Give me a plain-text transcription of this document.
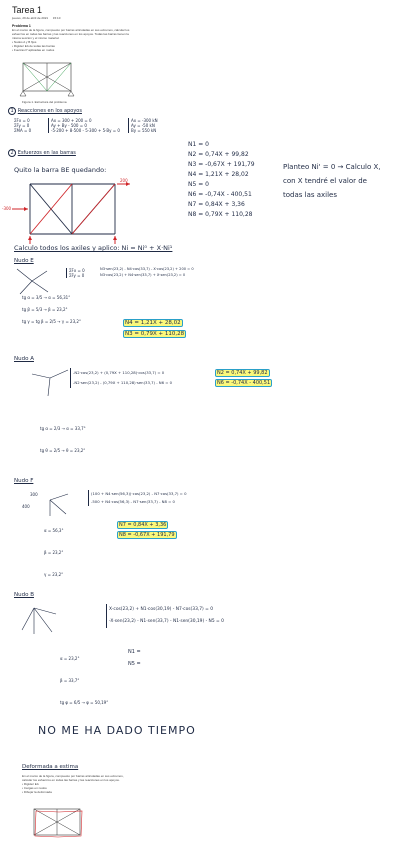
Tarea 1
jueves, 29 de abril de 2021 15:10
Problema 1
En el marco de la figura, compuesto por barras articuladas en sus extremos, calcular los esfuerzos en todas las barras y las reacciones en los apoyos. Todas las barras tienen la misma seccion y el mismo material.
• Nudos A y B fijos
• Rigidez EA de todas las barras
• Fuerzas P aplicadas en nudos
Figura 1. Estructura del problema
1 Reacciones en los apoyos
ΣFx = 0
ΣFy = 0
ΣMA = 0
Ax = 300 + 200 = 0
Ay + By - 500 = 0
-5·200 + 8·500 - 5·300 + 5·By = 0
Ax = -300 kN
Ay = -50 kN
By = 550 kN
2 Esfuerzos en las barras
Quito la barra BE quedando:
-300
200
N1 = 0
N2 = 0,74X + 99,82
N3 = -0,67X + 191,79
N4 = 1,21X + 28,02
N5 = 0
N6 = -0,74X - 400,51
N7 = 0,84X + 3,36
N8 = 0,79X + 110,28
Planteo Ni' = 0 → Calculo X,
con X tendré el valor de
todas las axiles
Calculo todos los axiles y aplico: Ni = Ni⁰ + X·Ni¹
Nudo E
ΣFx = 0
ΣFy = 0
N3·sen(23,2) - N4·cos(33,7) - X·cos(23,2) + 200 = 0
N3·cos(23,2) + N4·sen(33,7) + X·sen(23,2) = 0
tg α = 3/5 → α = 56,31°
tg β = 5/3 → β = 23,2°
tg γ = tg β = 2/5 → γ = 23,2°	N4 = 1,21X + 28,02
N3 = 0,79X + 110,28
Nudo A
-N2·cos(23,2) + (0,79X + 110,28)·cos(33,7) = 0
-N2·sen(23,2) - (0,79X + 110,28)·sen(33,7) - N6 = 0
N2 = 0,74X + 99,82
N6 = -0,74X - 400,51
tg α = 2/3 → α = 33,7°
tg θ = 2/5 → θ = 23,2°
Nudo F
300
400
(100 + N4·sen(56,3))·cos(23,2) - N7·cos(33,7) = 0
-500 + N4·cos(56,3) - N7·sen(33,7) - N8 = 0
N7 = 0,84X + 3,36
N8 = -0,67X + 191,79
α = 56,3°
β = 23,2°
γ = 23,2°
Nudo B
X·cos(23,2) + N1·cos(30,19) - N7·cos(33,7) = 0
-X·sen(23,2) - N1·sen(33,7) - N1·sen(30,19) - N5 = 0
α = 23,2°
β = 33,7°
tg φ = 6/5 → φ = 50,19°
N1 =
N5 =
NO ME HA DADO TIEMPO
Deformada a estima
En el marco de la figura, compuesto por barras articuladas en sus extremos, calcular los esfuerzos en todas las barras y las reacciones en los apoyos.
• Rigidez EA
• Cargas en nudos
• Dibujar la deformada
